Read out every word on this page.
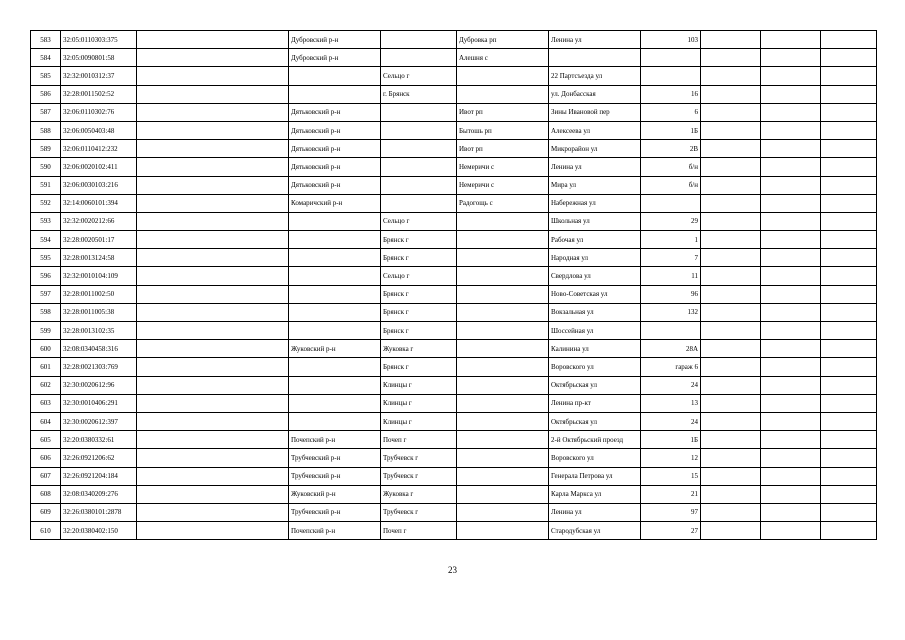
583	32:05:0110303:375		Дубровский р-н		Дубровка рп	Ленина ул	103			
584	32:05:0090801:58		Дубровский р-н		Алешня с					
585	32:32:0010312:37			Сельцо г		22 Партсъезда ул				
586	32:28:0011502:52			г. Брянск		ул. Донбасская	16			
587	32:06:0110302:76		Дятьковский р-н		Ивот рп	Зины Ивановой пер	6			
588	32:06:0050403:48		Дятьковский р-н		Бытошь рп	Алексеева ул	1Б			
589	32:06:0110412:232		Дятьковский р-н		Ивот рп	Микрорайон ул	2В			
590	32:06:0020102:411		Дятьковский р-н		Немеричи с	Ленина ул	б/н			
591	32:06:0030103:216		Дятьковский р-н		Немеричи с	Мира ул	б/н			
592	32:14:0060101:394		Комаричский р-н		Радогощь с	Набережная ул				
593	32:32:0020212:66			Сельцо г		Школьная ул	29			
594	32:28:0020501:17			Брянск г		Рабочая ул	1			
595	32:28:0013124:58			Брянск г		Народная ул	7			
596	32:32:0010104:109			Сельцо г		Свердлова ул	11			
597	32:28:0011002:50			Брянск г		Ново-Советская ул	96			
598	32:28:0011005:38			Брянск г		Вокзальная ул	132			
599	32:28:0013102:35			Брянск г		Шоссейная ул				
600	32:08:0340458:316		Жуковский р-н	Жуковка г		Калинина ул	28А			
601	32:28:0021303:769			Брянск г		Воровского ул	гараж 6			
602	32:30:0020612:96			Клинцы г		Октябрьская ул	24			
603	32:30:0010406:291			Клинцы г		Ленина пр-кт	13			
604	32:30:0020612:397			Клинцы г		Октябрьская ул	24			
605	32:20:0380332:61		Почепский р-н	Почеп г		2-й Октябрьский проезд	1Б			
606	32:26:0921206:62		Трубчевский р-н	Трубчевск г		Воровского ул	12			
607	32:26:0921204:184		Трубчевский р-н	Трубчевск г		Генерала Петрова ул	15			
608	32:08:0340209:276		Жуковский р-н	Жуковка г		Карла Маркса ул	21			
609	32:26:0380101:2878		Трубчевский р-н	Трубчевск г		Ленина ул	97			
610	32:20:0380402:150		Почепский р-н	Почеп г		Стародубская ул	27			
23
